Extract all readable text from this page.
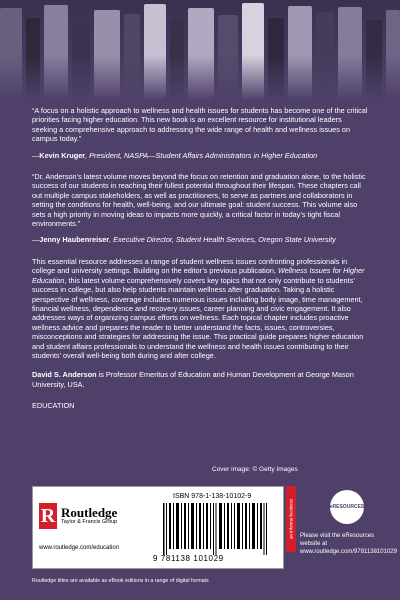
“A focus on a holistic approach to wellness and health issues for students has become one of the critical priorities facing higher education. This new book is an excellent resource for institutional leaders seeking a comprehensive approach to addressing the wide range of health and wellness issues on campus today.”

—Kevin Kruger, President, NASPA—Student Affairs Administrators in Higher Education

“Dr. Anderson’s latest volume moves beyond the focus on retention and graduation alone, to the holistic success of our students in reaching their fullest potential throughout their lifespan. These chapters call out multiple campus stakeholders, as well as practitioners, to serve as partners and collaborators in setting the conditions for health, well-being, and our ultimate goal: student success. This volume also sets a high priority in moving ideas to impacts more quickly, a critical factor in today’s tight fiscal environments.”

—Jenny Haubenreiser, Executive Director, Student Health Services, Oregon State University

This essential resource addresses a range of student wellness issues confronting professionals in college and university settings. Building on the editor’s previous publication, Wellness Issues for Higher Education, this latest volume comprehensively covers key topics that not only contribute to students’ success in college, but also help students maintain wellness after graduation. Taking a holistic perspective of wellness, coverage includes numerous issues including body image, time management, financial wellness, dependence and recovery issues, career planning and civic engagement. It also addresses ways of organizing campus efforts on wellness. Each topical chapter includes proactive wellness advice and prepares the reader to better understand the facts, issues, controversies, misconceptions and strategies for addressing the issue. This practical guide prepares higher education and student affairs professionals to understand the wellness and health issues contributing to their students’ overall well-being both during and after college.

David S. Anderson is Professor Emeritus of Education and Human Development at George Mason University, USA.

EDUCATION

Cover image: © Getty Images
R Routledge
Taylor & Francis Group
www.routledge.com/education
ISBN 978-1-138-10102-9
9 781138 101029
an informa business	eRESOURCES
Please visit the eResources website at www.routledge.com/9781138101029
Routledge titles are available as eBook editions in a range of digital formats
